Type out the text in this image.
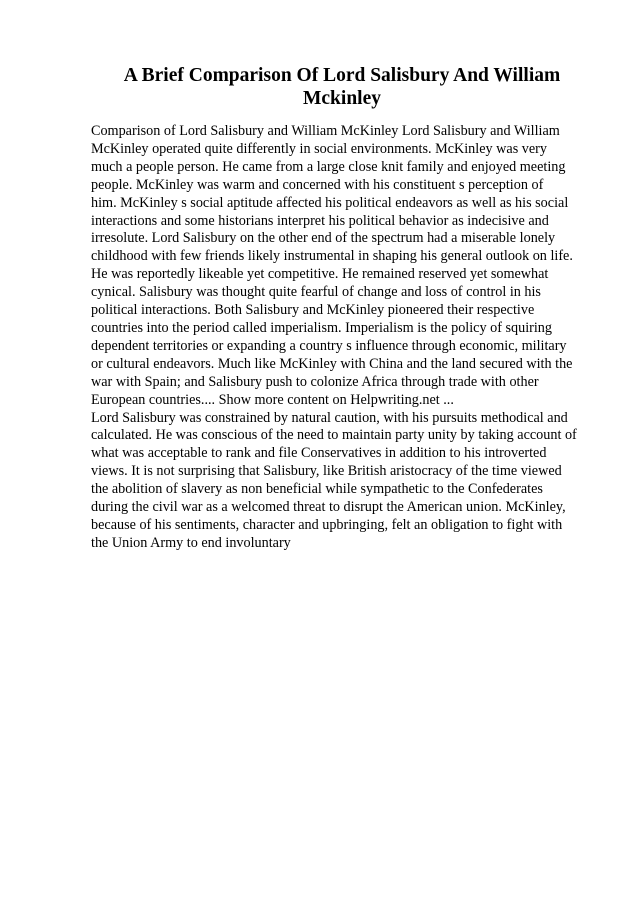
A Brief Comparison Of Lord Salisbury And William
Mckinley
Comparison of Lord Salisbury and William McKinley Lord Salisbury and William
McKinley operated quite differently in social environments. McKinley was very
much a people person. He came from a large close knit family and enjoyed meeting
people. McKinley was warm and concerned with his constituent s perception of
him. McKinley s social aptitude affected his political endeavors as well as his social
interactions and some historians interpret his political behavior as indecisive and
irresolute. Lord Salisbury on the other end of the spectrum had a miserable lonely
childhood with few friends likely instrumental in shaping his general outlook on life.
He was reportedly likeable yet competitive. He remained reserved yet somewhat
cynical. Salisbury was thought quite fearful of change and loss of control in his
political interactions. Both Salisbury and McKinley pioneered their respective
countries into the period called imperialism. Imperialism is the policy of squiring
dependent territories or expanding a country s influence through economic, military
or cultural endeavors. Much like McKinley with China and the land secured with the
war with Spain; and Salisbury push to colonize Africa through trade with other
European countries.... Show more content on Helpwriting.net ...
Lord Salisbury was constrained by natural caution, with his pursuits methodical and
calculated. He was conscious of the need to maintain party unity by taking account of
what was acceptable to rank and file Conservatives in addition to his introverted
views. It is not surprising that Salisbury, like British aristocracy of the time viewed
the abolition of slavery as non beneficial while sympathetic to the Confederates
during the civil war as a welcomed threat to disrupt the American union. McKinley,
because of his sentiments, character and upbringing, felt an obligation to fight with
the Union Army to end involuntary
